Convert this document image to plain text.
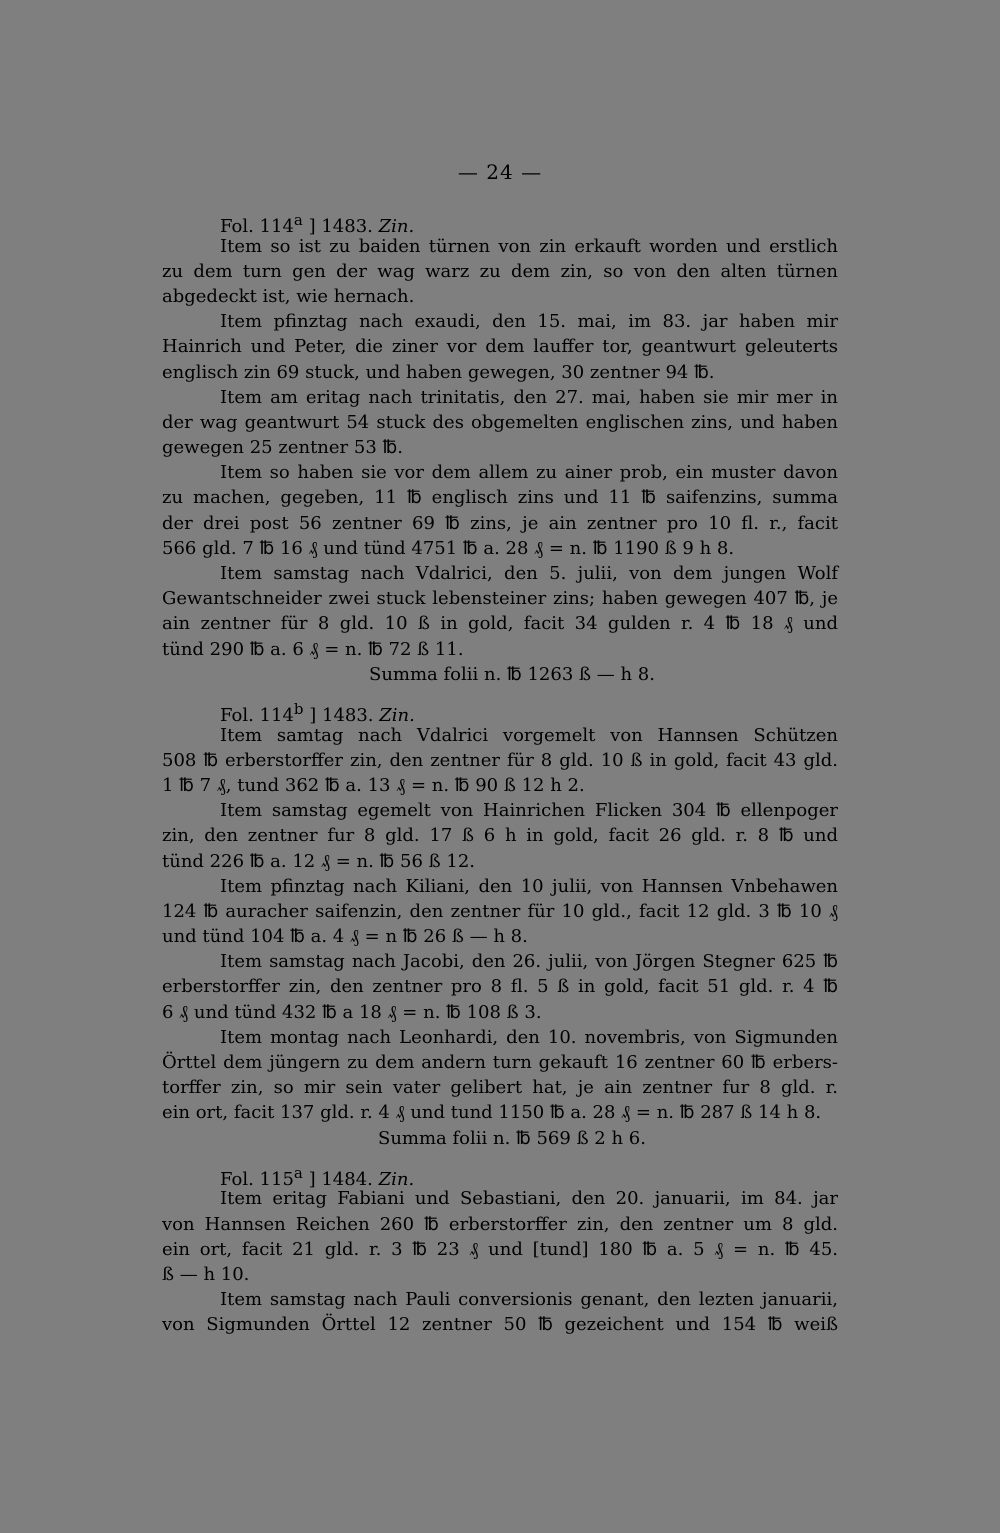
— 24 —
Fol. 114$^a$ ] 1483. Zin.

Item so ist zu baiden türnen von zin erkauft worden und erstlich
zu dem turn gen der wag warz zu dem zin, so von den alten türnen
abgedeckt ist, wie hernach.

Item pfinztag nach exaudi, den 15. mai, im 83. jar haben mir
Hainrich und Peter, die ziner vor dem lauffer tor, geantwurt geleuterts
englisch zin 69 stuck, und haben gewegen, 30 zentner 94 ℔.

Item am eritag nach trinitatis, den 27. mai, haben sie mir mer in
der wag geantwurt 54 stuck des obgemelten englischen zins, und haben
gewegen 25 zentner 53 ℔.

Item so haben sie vor dem allem zu ainer prob, ein muster davon
zu machen, gegeben, 11 ℔ englisch zins und 11 ℔ saifenzins, summa
der drei post 56 zentner 69 ℔ zins, je ain zentner pro 10 fl. r., facit
566 gld. 7 ℔ 16 ₰ und tünd 4751 ℔ a. 28 ₰ = n. ℔ 1190 ß 9 h 8.

Item samstag nach Vdalrici, den 5. julii, von dem jungen Wolf
Gewantschneider zwei stuck lebensteiner zins; haben gewegen 407 ℔, je
ain zentner für 8 gld. 10 ß in gold, facit 34 gulden r. 4 ℔ 18 ₰ und
tünd 290 ℔ a. 6 ₰ = n. ℔ 72 ß 11.

Summa folii n. ℔ 1263 ß — h 8.

Fol. 114$^b$ ] 1483. Zin.

Item samtag nach Vdalrici vorgemelt von Hannsen Schützen
508 ℔ erberstorffer zin, den zentner für 8 gld. 10 ß in gold, facit 43 gld.
1 ℔ 7 ₰, tund 362 ℔ a. 13 ₰ = n. ℔ 90 ß 12 h 2.

Item samstag egemelt von Hainrichen Flicken 304 ℔ ellenpoger
zin, den zentner fur 8 gld. 17 ß 6 h in gold, facit 26 gld. r. 8 ℔ und
tünd 226 ℔ a. 12 ₰ = n. ℔ 56 ß 12.

Item pfinztag nach Kiliani, den 10 julii, von Hannsen Vnbehawen
124 ℔ auracher saifenzin, den zentner für 10 gld., facit 12 gld. 3 ℔ 10 ₰
und tünd 104 ℔ a. 4 ₰ = n ℔ 26 ß — h 8.

Item samstag nach Jacobi, den 26. julii, von Jörgen Stegner 625 ℔
erberstorffer zin, den zentner pro 8 fl. 5 ß in gold, facit 51 gld. r. 4 ℔
6 ₰ und tünd 432 ℔ a 18 ₰ = n. ℔ 108 ß 3.

Item montag nach Leonhardi, den 10. novembris, von Sigmunden
Örttel dem jüngern zu dem andern turn gekauft 16 zentner 60 ℔ erbers-
torffer zin, so mir sein vater gelibert hat, je ain zentner fur 8 gld. r.
ein ort, facit 137 gld. r. 4 ₰ und tund 1150 ℔ a. 28 ₰ = n. ℔ 287 ß 14 h 8.

Summa folii n. ℔ 569 ß 2 h 6.

Fol. 115$^a$ ] 1484. Zin.

Item eritag Fabiani und Sebastiani, den 20. januarii, im 84. jar
von Hannsen Reichen 260 ℔ erberstorffer zin, den zentner um 8 gld.
ein ort, facit 21 gld. r. 3 ℔ 23 ₰ und [tund] 180 ℔ a. 5 ₰ = n. ℔ 45.
ß — h 10.

Item samstag nach Pauli conversionis genant, den lezten januarii,
von Sigmunden Örttel 12 zentner 50 ℔ gezeichent und 154 ℔ weiß
